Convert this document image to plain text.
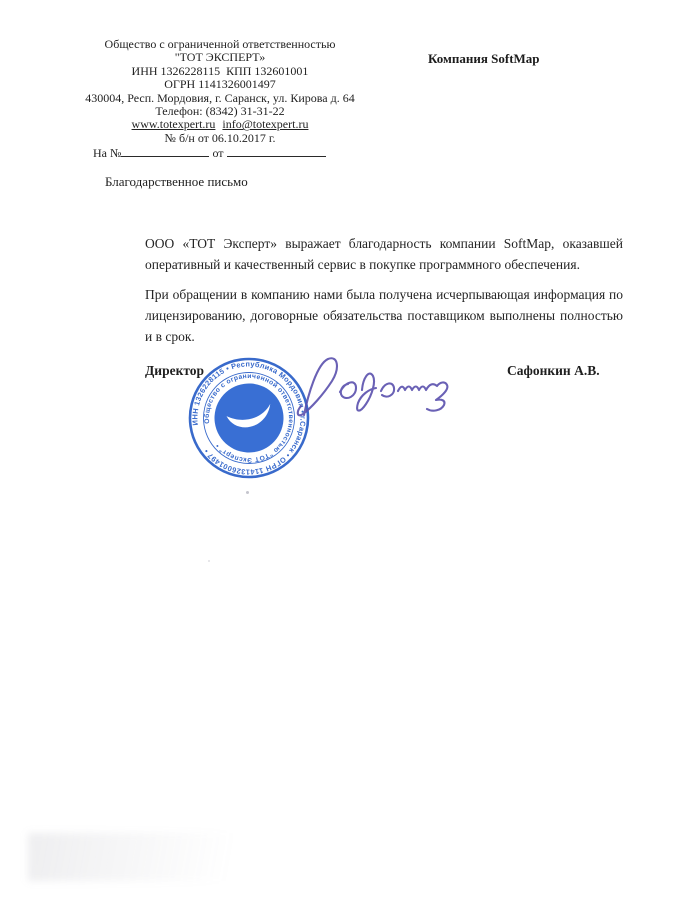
Общество с ограниченной ответственностью
"ТОТ ЭКСПЕРТ»
ИНН 1326228115  КПП 132601001
ОГРН 1141326001497
430004, Респ. Мордовия, г. Саранск, ул. Кирова д. 64
Телефон: (8342) 31-31-22
www.totexpert.ru info@totexpert.ru
№ б/н от 06.10.2017 г.
На №	от
Компания SoftMap
Благодарственное письмо

ООО «ТОТ Эксперт» выражает благодарность компании SoftMap, оказавшей оперативный и качественный сервис в покупке программного обеспечения.

При обращении в компанию нами была получена исчерпывающая информация по лицензированию, договорные обязательства поставщиком выполнены полностью и в срок.

Директор	Сафонкин А.В.
ИНН 1326228115 • Республика Мордовия • г.Саранск • ОГРН 1141326001497 •
Общество с ограниченной ответственностью "ТОТ Эксперт" •
